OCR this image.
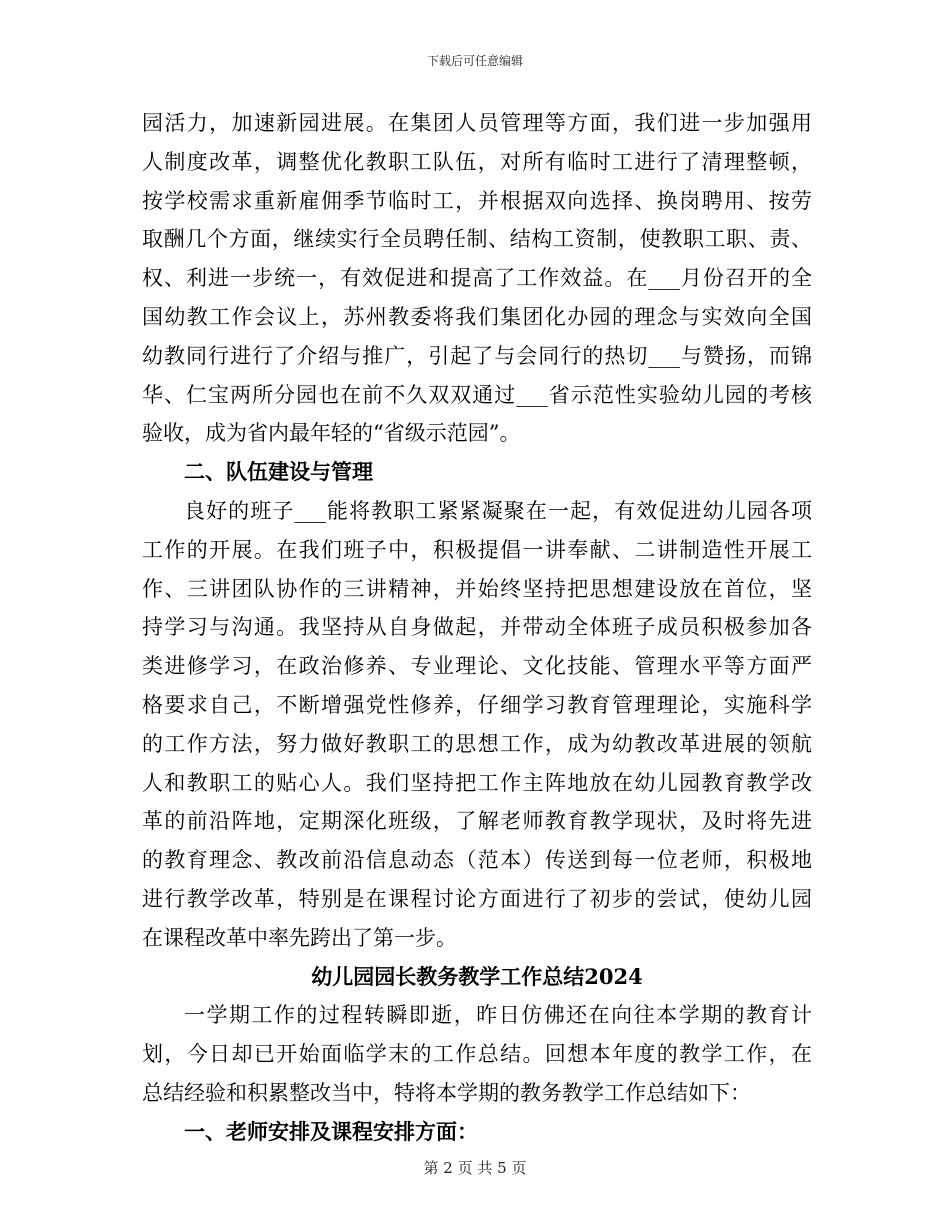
下载后可任意编辑
园活力，加速新园进展。在集团人员管理等方面，我们进一步加强用
人制度改革，调整优化教职工队伍，对所有临时工进行了清理整顿，
按学校需求重新雇佣季节临时工，并根据双向选择、换岗聘用、按劳
取酬几个方面，继续实行全员聘任制、结构工资制，使教职工职、责、
权、利进一步统一，有效促进和提高了工作效益。在___月份召开的全
国幼教工作会议上，苏州教委将我们集团化办园的理念与实效向全国
幼教同行进行了介绍与推广，引起了与会同行的热切___与赞扬，而锦
华、仁宝两所分园也在前不久双双通过___省示范性实验幼儿园的考核
验收，成为省内最年轻的“省级示范园”。
二、队伍建设与管理
良好的班子___能将教职工紧紧凝聚在一起，有效促进幼儿园各项
工作的开展。在我们班子中，积极提倡一讲奉献、二讲制造性开展工
作、三讲团队协作的三讲精神，并始终坚持把思想建设放在首位，坚
持学习与沟通。我坚持从自身做起，并带动全体班子成员积极参加各
类进修学习，在政治修养、专业理论、文化技能、管理水平等方面严
格要求自己，不断增强党性修养，仔细学习教育管理理论，实施科学
的工作方法，努力做好教职工的思想工作，成为幼教改革进展的领航
人和教职工的贴心人。我们坚持把工作主阵地放在幼儿园教育教学改
革的前沿阵地，定期深化班级，了解老师教育教学现状，及时将先进
的教育理念、教改前沿信息动态（范本）传送到每一位老师，积极地
进行教学改革，特别是在课程讨论方面进行了初步的尝试，使幼儿园
在课程改革中率先跨出了第一步。
幼儿园园长教务教学工作总结2024
一学期工作的过程转瞬即逝，昨日仿佛还在向往本学期的教育计
划，今日却已开始面临学末的工作总结。回想本年度的教学工作，在
总结经验和积累整改当中，特将本学期的教务教学工作总结如下：
一、老师安排及课程安排方面：
第 2 页 共 5 页
